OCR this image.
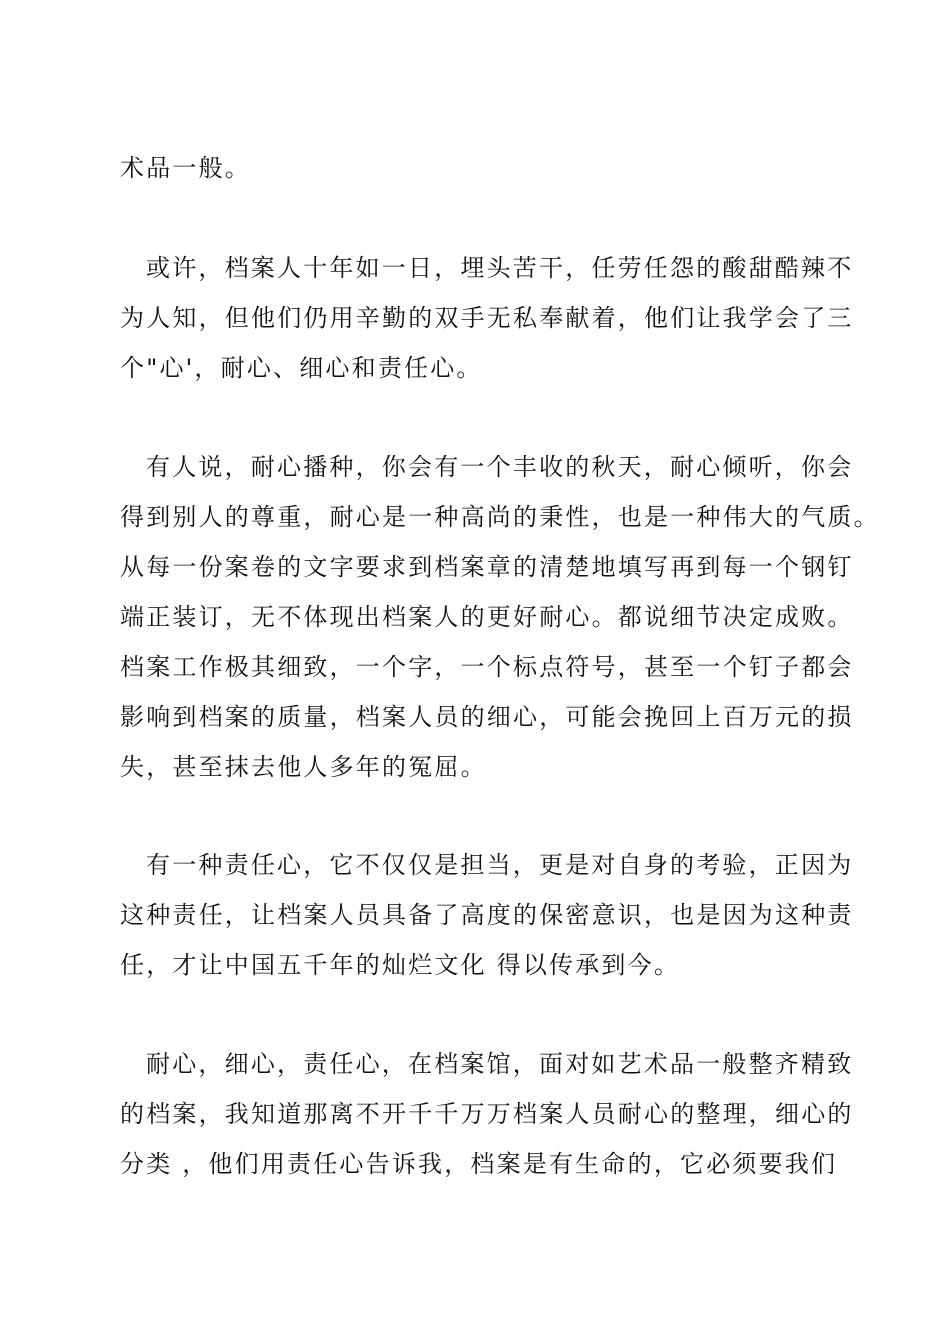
术品一般。
或许，档案人十年如一日，埋头苦干，任劳任怨的酸甜酷辣不
为人知，但他们仍用辛勤的双手无私奉献着，他们让我学会了三
个"心'，耐心、细心和责任心。
有人说，耐心播种，你会有一个丰收的秋天，耐心倾听，你会
得到别人的尊重，耐心是一种高尚的秉性，也是一种伟大的气质。
从每一份案卷的文字要求到档案章的清楚地填写再到每一个钢钉
端正装订，无不体现出档案人的更好耐心。都说细节决定成败。
档案工作极其细致，一个字，一个标点符号，甚至一个钉子都会
影响到档案的质量，档案人员的细心，可能会挽回上百万元的损
失，甚至抹去他人多年的冤屈。
有一种责任心，它不仅仅是担当，更是对自身的考验，正因为
这种责任，让档案人员具备了高度的保密意识，也是因为这种责
任，才让中国五千年的灿烂文化 得以传承到今。
耐心，细心，责任心，在档案馆，面对如艺术品一般整齐精致
的档案，我知道那离不开千千万万档案人员耐心的整理，细心的
分类 ，他们用责任心告诉我，档案是有生命的，它必须要我们
